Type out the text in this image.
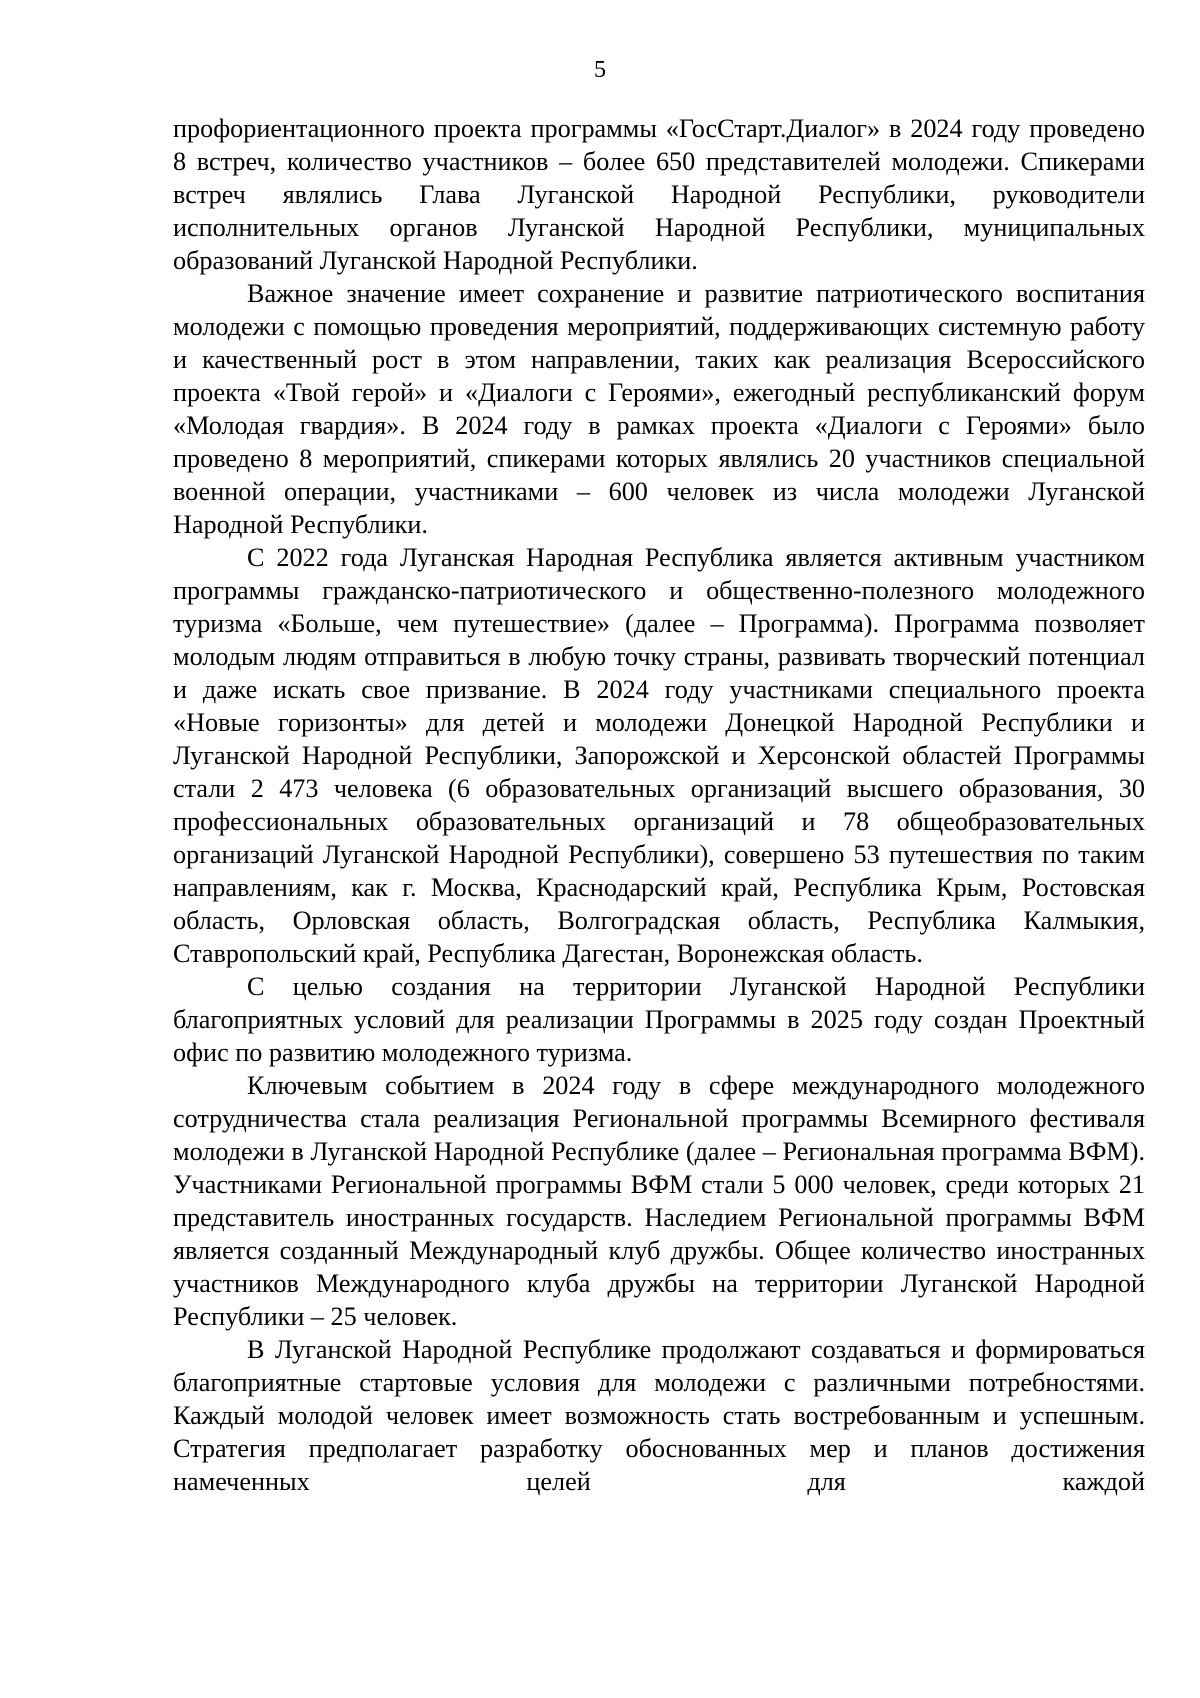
5

профориентационного проекта программы «ГосСтарт.Диалог» в 2024 году проведено 8 встреч, количество участников – более 650 представителей молодежи. Спикерами встреч являлись Глава Луганской Народной Республики, руководители исполнительных органов Луганской Народной Республики, муниципальных образований Луганской Народной Республики.

Важное значение имеет сохранение и развитие патриотического воспитания молодежи с помощью проведения мероприятий, поддерживающих системную работу и качественный рост в этом направлении, таких как реализация Всероссийского проекта «Твой герой» и «Диалоги с Героями», ежегодный республиканский форум «Молодая гвардия». В 2024 году в рамках проекта «Диалоги с Героями» было проведено 8 мероприятий, спикерами которых являлись 20 участников специальной военной операции, участниками – 600 человек из числа молодежи Луганской Народной Республики.

С 2022 года Луганская Народная Республика является активным участником программы гражданско-патриотического и общественно-полезного молодежного туризма «Больше, чем путешествие» (далее – Программа). Программа позволяет молодым людям отправиться в любую точку страны, развивать творческий потенциал и даже искать свое призвание. В 2024 году участниками специального проекта «Новые горизонты» для детей и молодежи Донецкой Народной Республики и Луганской Народной Республики, Запорожской и Херсонской областей Программы стали 2 473 человека (6 образовательных организаций высшего образования, 30 профессиональных образовательных организаций и 78 общеобразовательных организаций Луганской Народной Республики), совершено 53 путешествия по таким направлениям, как г. Москва, Краснодарский край, Республика Крым, Ростовская область, Орловская область, Волгоградская область, Республика Калмыкия, Ставропольский край, Республика Дагестан, Воронежская область.

С целью создания на территории Луганской Народной Республики благоприятных условий для реализации Программы в 2025 году создан Проектный офис по развитию молодежного туризма.

Ключевым событием в 2024 году в сфере международного молодежного сотрудничества стала реализация Региональной программы Всемирного фестиваля молодежи в Луганской Народной Республике (далее – Региональная программа ВФМ). Участниками Региональной программы ВФМ стали 5 000 человек, среди которых 21 представитель иностранных государств. Наследием Региональной программы ВФМ является созданный Международный клуб дружбы. Общее количество иностранных участников Международного клуба дружбы на территории Луганской Народной Республики – 25 человек.

В Луганской Народной Республике продолжают создаваться и формироваться благоприятные стартовые условия для молодежи с различными потребностями. Каждый молодой человек имеет возможность стать востребованным и успешным. Стратегия предполагает разработку обоснованных мер и планов достижения намеченных целей для каждой
